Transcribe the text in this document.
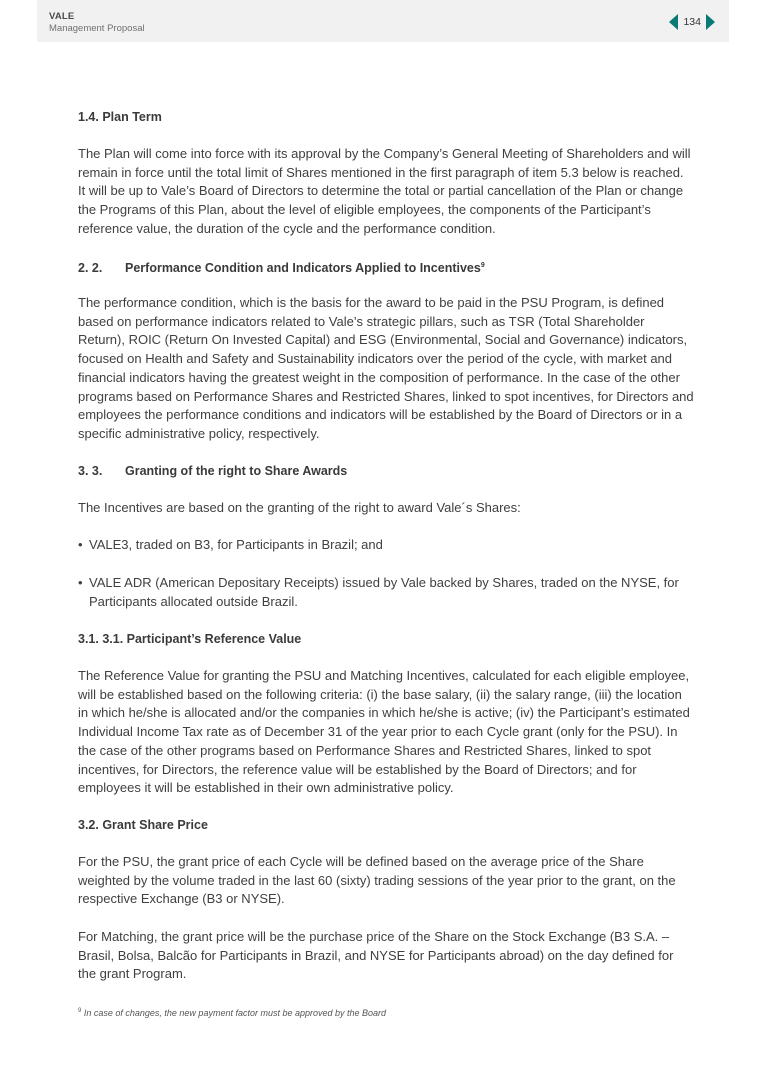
VALE
Management Proposal
134
1.4. Plan Term
The Plan will come into force with its approval by the Company’s General Meeting of Shareholders and will remain in force until the total limit of Shares mentioned in the first paragraph of item 5.3 below is reached. It will be up to Vale’s Board of Directors to determine the total or partial cancellation of the Plan or change the Programs of this Plan, about the level of eligible employees, the components of the Participant’s reference value, the duration of the cycle and the performance condition.
2. 2. Performance Condition and Indicators Applied to Incentives$^9$
The performance condition, which is the basis for the award to be paid in the PSU Program, is defined based on performance indicators related to Vale’s strategic pillars, such as TSR (Total Shareholder Return), ROIC (Return On Invested Capital) and ESG (Environmental, Social and Governance) indicators, focused on Health and Safety and Sustainability indicators over the period of the cycle, with market and financial indicators having the greatest weight in the composition of performance. In the case of the other programs based on Performance Shares and Restricted Shares, linked to spot incentives, for Directors and employees the performance conditions and indicators will be established by the Board of Directors or in a specific administrative policy, respectively.
3. 3. Granting of the right to Share Awards
The Incentives are based on the granting of the right to award Vale´s Shares:
• VALE3, traded on B3, for Participants in Brazil; and
• VALE ADR (American Depositary Receipts) issued by Vale backed by Shares, traded on the NYSE, for Participants allocated outside Brazil.
3.1. 3.1. Participant’s Reference Value
The Reference Value for granting the PSU and Matching Incentives, calculated for each eligible employee, will be established based on the following criteria: (i) the base salary, (ii) the salary range, (iii) the location in which he/she is allocated and/or the companies in which he/she is active; (iv) the Participant’s estimated Individual Income Tax rate as of December 31 of the year prior to each Cycle grant (only for the PSU). In the case of the other programs based on Performance Shares and Restricted Shares, linked to spot incentives, for Directors, the reference value will be established by the Board of Directors; and for employees it will be established in their own administrative policy.
3.2. Grant Share Price
For the PSU, the grant price of each Cycle will be defined based on the average price of the Share weighted by the volume traded in the last 60 (sixty) trading sessions of the year prior to the grant, on the respective Exchange (B3 or NYSE).
For Matching, the grant price will be the purchase price of the Share on the Stock Exchange (B3 S.A. – Brasil, Bolsa, Balcão for Participants in Brazil, and NYSE for Participants abroad) on the day defined for the grant Program.
$^9$ In case of changes, the new payment factor must be approved by the Board
